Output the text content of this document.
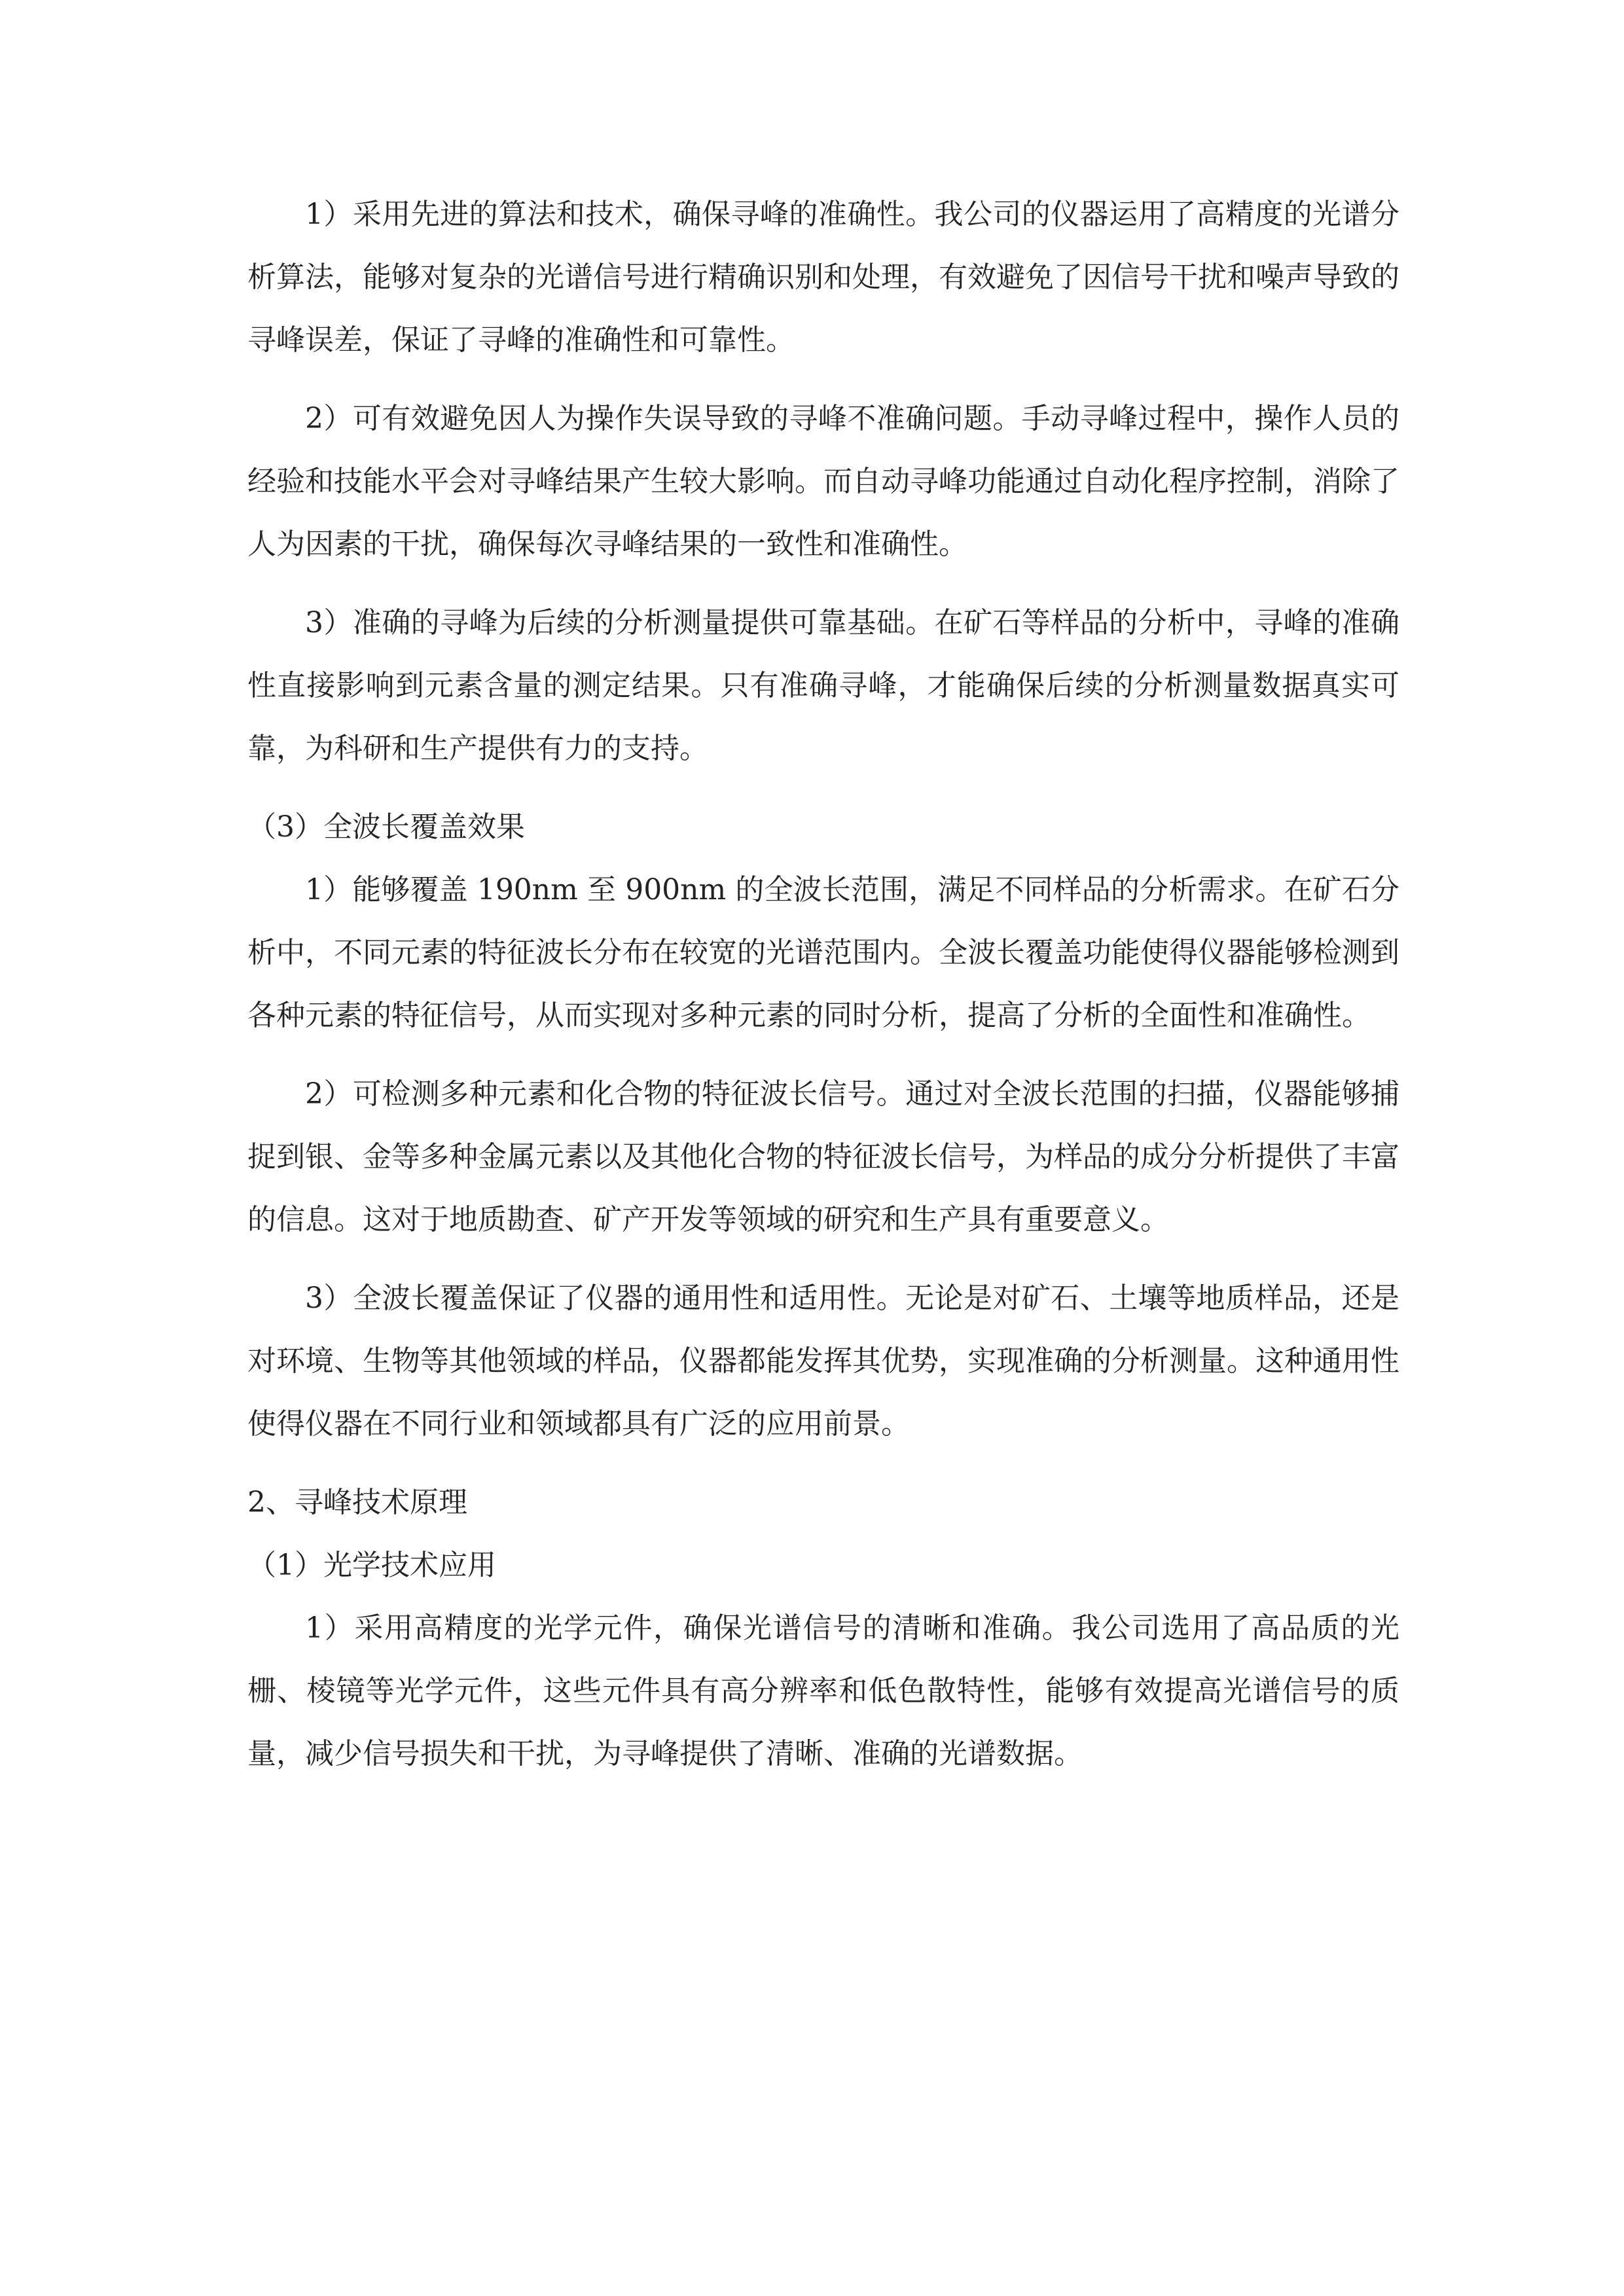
1）采用先进的算法和技术，确保寻峰的准确性。我公司的仪器运用了高精度的光谱分析算法，能够对复杂的光谱信号进行精确识别和处理，有效避免了因信号干扰和噪声导致的寻峰误差，保证了寻峰的准确性和可靠性。

2）可有效避免因人为操作失误导致的寻峰不准确问题。手动寻峰过程中，操作人员的经验和技能水平会对寻峰结果产生较大影响。而自动寻峰功能通过自动化程序控制，消除了人为因素的干扰，确保每次寻峰结果的一致性和准确性。

3）准确的寻峰为后续的分析测量提供可靠基础。在矿石等样品的分析中，寻峰的准确性直接影响到元素含量的测定结果。只有准确寻峰，才能确保后续的分析测量数据真实可靠，为科研和生产提供有力的支持。

（3）全波长覆盖效果

1）能够覆盖 190nm 至 900nm 的全波长范围，满足不同样品的分析需求。在矿石分析中，不同元素的特征波长分布在较宽的光谱范围内。全波长覆盖功能使得仪器能够检测到各种元素的特征信号，从而实现对多种元素的同时分析，提高了分析的全面性和准确性。

2）可检测多种元素和化合物的特征波长信号。通过对全波长范围的扫描，仪器能够捕捉到银、金等多种金属元素以及其他化合物的特征波长信号，为样品的成分分析提供了丰富的信息。这对于地质勘查、矿产开发等领域的研究和生产具有重要意义。

3）全波长覆盖保证了仪器的通用性和适用性。无论是对矿石、土壤等地质样品，还是对环境、生物等其他领域的样品，仪器都能发挥其优势，实现准确的分析测量。这种通用性使得仪器在不同行业和领域都具有广泛的应用前景。

2、寻峰技术原理

（1）光学技术应用

1）采用高精度的光学元件，确保光谱信号的清晰和准确。我公司选用了高品质的光栅、棱镜等光学元件，这些元件具有高分辨率和低色散特性，能够有效提高光谱信号的质量，减少信号损失和干扰，为寻峰提供了清晰、准确的光谱数据。
